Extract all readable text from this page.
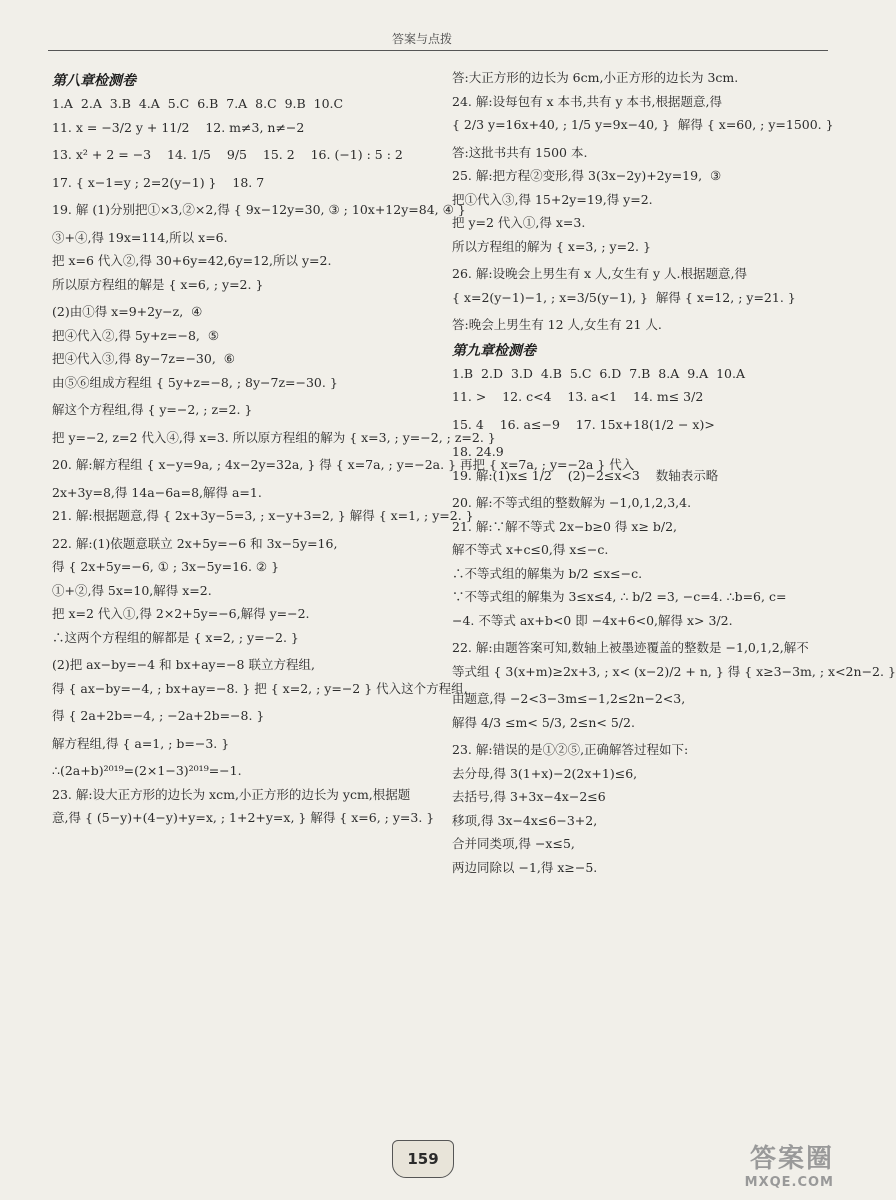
答案与点拨
第八章检测卷
1.A  2.A  3.B  4.A  5.C  6.B  7.A  8.C  9.B  10.C
11. x = −3/2 y + 11/2    12. m≠3, n≠−2
13. x² + 2 = −3    14. 1/5    9/5    15. 2    16. (−1) : 5 : 2
17. { x−1=y ; 2=2(y−1) }    18. 7
19. 解 (1)分别把①×3,②×2,得 { 9x−12y=30, ③ ; 10x+12y=84, ④ }
③+④,得 19x=114,所以 x=6.
把 x=6 代入②,得 30+6y=42,6y=12,所以 y=2.
所以原方程组的解是 { x=6, ; y=2. }
(2)由①得 x=9+2y−z,  ④
把④代入②,得 5y+z=−8,  ⑤
把④代入③,得 8y−7z=−30,  ⑥
由⑤⑥组成方程组 { 5y+z=−8, ; 8y−7z=−30. }
解这个方程组,得 { y=−2, ; z=2. }
把 y=−2, z=2 代入④,得 x=3. 所以原方程组的解为 { x=3, ; y=−2, ; z=2. }
20. 解:解方程组 { x−y=9a, ; 4x−2y=32a, } 得 { x=7a, ; y=−2a. } 再把 { x=7a, ; y=−2a } 代入
2x+3y=8,得 14a−6a=8,解得 a=1.
21. 解:根据题意,得 { 2x+3y−5=3, ; x−y+3=2, } 解得 { x=1, ; y=2. }
22. 解:(1)依题意联立 2x+5y=−6 和 3x−5y=16,
得 { 2x+5y=−6, ① ; 3x−5y=16. ② }
①+②,得 5x=10,解得 x=2.
把 x=2 代入①,得 2×2+5y=−6,解得 y=−2.
∴这两个方程组的解都是 { x=2, ; y=−2. }
(2)把 ax−by=−4 和 bx+ay=−8 联立方程组,
得 { ax−by=−4, ; bx+ay=−8. } 把 { x=2, ; y=−2 } 代入这个方程组,
得 { 2a+2b=−4, ; −2a+2b=−8. }
解方程组,得 { a=1, ; b=−3. }
∴(2a+b)²⁰¹⁹=(2×1−3)²⁰¹⁹=−1.
23. 解:设大正方形的边长为 xcm,小正方形的边长为 ycm,根据题
意,得 { (5−y)+(4−y)+y=x, ; 1+2+y=x, } 解得 { x=6, ; y=3. }
答:大正方形的边长为 6cm,小正方形的边长为 3cm.
24. 解:设每包有 x 本书,共有 y 本书,根据题意,得
{ 2/3 y=16x+40, ; 1/5 y=9x−40, }  解得 { x=60, ; y=1500. }
答:这批书共有 1500 本.
25. 解:把方程②变形,得 3(3x−2y)+2y=19,  ③
把①代入③,得 15+2y=19,得 y=2.
把 y=2 代入①,得 x=3.
所以方程组的解为 { x=3, ; y=2. }
26. 解:设晚会上男生有 x 人,女生有 y 人.根据题意,得
{ x=2(y−1)−1, ; x=3/5(y−1), }  解得 { x=12, ; y=21. }
答:晚会上男生有 12 人,女生有 21 人.
第九章检测卷
1.B  2.D  3.D  4.B  5.C  6.D  7.B  8.A  9.A  10.A
11. >    12. c<4    13. a<1    14. m≤ 3/2
15. 4    16. a≤−9    17. 15x+18(1/2 − x)>
18. 24.9
19. 解:(1)x≤ 1/2    (2)−2≤x<3    数轴表示略
20. 解:不等式组的整数解为 −1,0,1,2,3,4.
21. 解:∵解不等式 2x−b≥0 得 x≥ b/2,
解不等式 x+c≤0,得 x≤−c.
∴不等式组的解集为 b/2 ≤x≤−c.
∵不等式组的解集为 3≤x≤4, ∴ b/2 =3, −c=4. ∴b=6, c=
−4. 不等式 ax+b<0 即 −4x+6<0,解得 x> 3/2.
22. 解:由题答案可知,数轴上被墨迹覆盖的整数是 −1,0,1,2,解不
等式组 { 3(x+m)≥2x+3, ; x< (x−2)/2 + n, } 得 { x≥3−3m, ; x<2n−2. }
由题意,得 −2<3−3m≤−1,2≤2n−2<3,
解得 4/3 ≤m< 5/3, 2≤n< 5/2.
23. 解:错误的是①②⑤,正确解答过程如下:
去分母,得 3(1+x)−2(2x+1)≤6,
去括号,得 3+3x−4x−2≤6
移项,得 3x−4x≤6−3+2,
合并同类项,得 −x≤5,
两边同除以 −1,得 x≥−5.
159	答案圈
MXQE.COM
